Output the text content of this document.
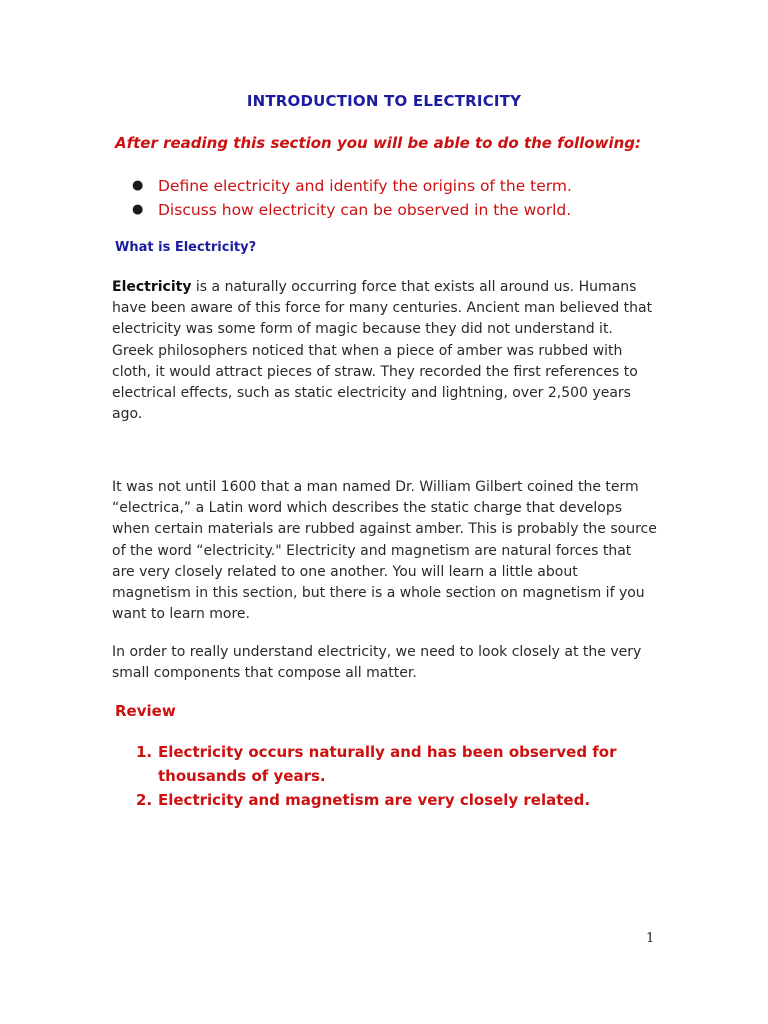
INTRODUCTION TO ELECTRICITY

After reading this section you will be able to do the following:

● Define electricity and identify the origins of the term.
● Discuss how electricity can be observed in the world.
What is Electricity?

Electricity is a naturally occurring force that exists all around us. Humans have been aware of this force for many centuries. Ancient man believed that electricity was some form of magic because they did not understand it. Greek philosophers noticed that when a piece of amber was rubbed with cloth, it would attract pieces of straw. They recorded the first references to electrical effects, such as static electricity and lightning, over 2,500 years ago.

It was not until 1600 that a man named Dr. William Gilbert coined the term “electrica,” a Latin word which describes the static charge that develops when certain materials are rubbed against amber. This is probably the source of the word “electricity." Electricity and magnetism are natural forces that are very closely related to one another. You will learn a little about magnetism in this section, but there is a whole section on magnetism if you want to learn more.

In order to really understand electricity, we need to look closely at the very small components that compose all matter.

Review
1. Electricity occurs naturally and has been observed for thousands of years.
2. Electricity and magnetism are very closely related.

1
